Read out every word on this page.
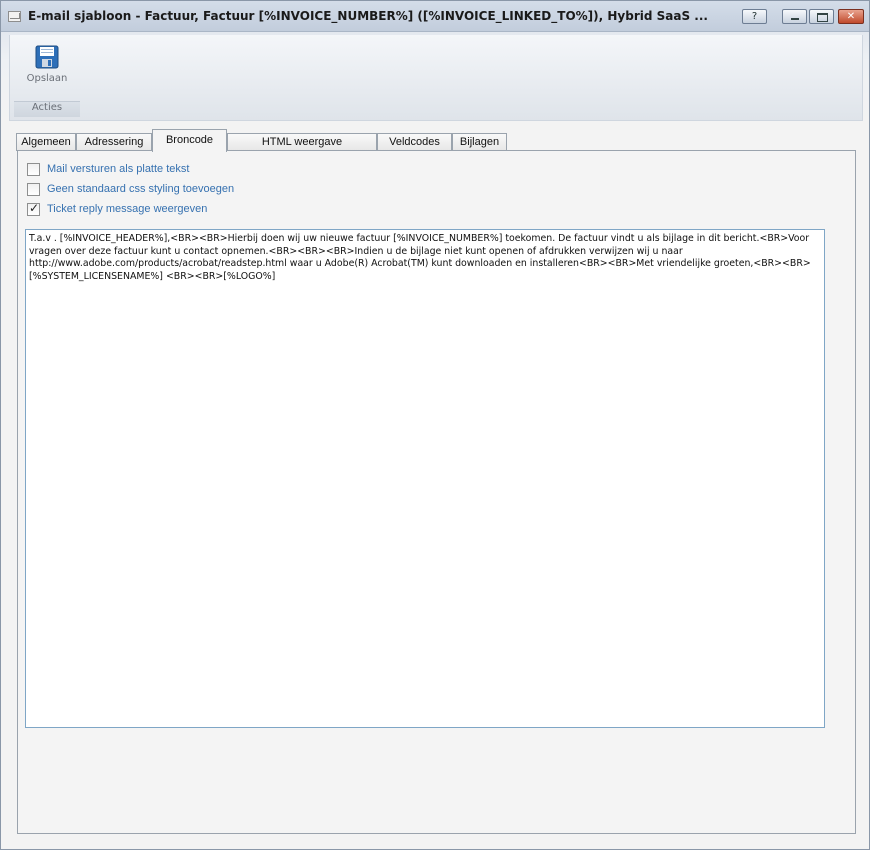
E-mail sjabloon - Factuur, Factuur [%INVOICE_NUMBER%] ([%INVOICE_LINKED_TO%]), Hybrid SaaS ...	?	✕
Opslaan
Acties
Algemeen	Adressering	Broncode	HTML weergave	Veldcodes	Bijlagen
Mail versturen als platte tekst
Geen standaard css styling toevoegen
✓
Ticket reply message weergeven
T.a.v . [%INVOICE_HEADER%],<BR><BR>Hierbij doen wij uw nieuwe factuur [%INVOICE_NUMBER%] toekomen. De factuur vindt u als bijlage in dit bericht.<BR>Voor vragen over deze factuur kunt u contact opnemen.<BR><BR><BR>Indien u de bijlage niet kunt openen of afdrukken verwijzen wij u naar http://www.adobe.com/products/acrobat/readstep.html waar u Adobe(R) Acrobat(TM) kunt downloaden en installeren<BR><BR>Met vriendelijke groeten,<BR><BR>[%SYSTEM_LICENSENAME%] <BR><BR>[%LOGO%]
